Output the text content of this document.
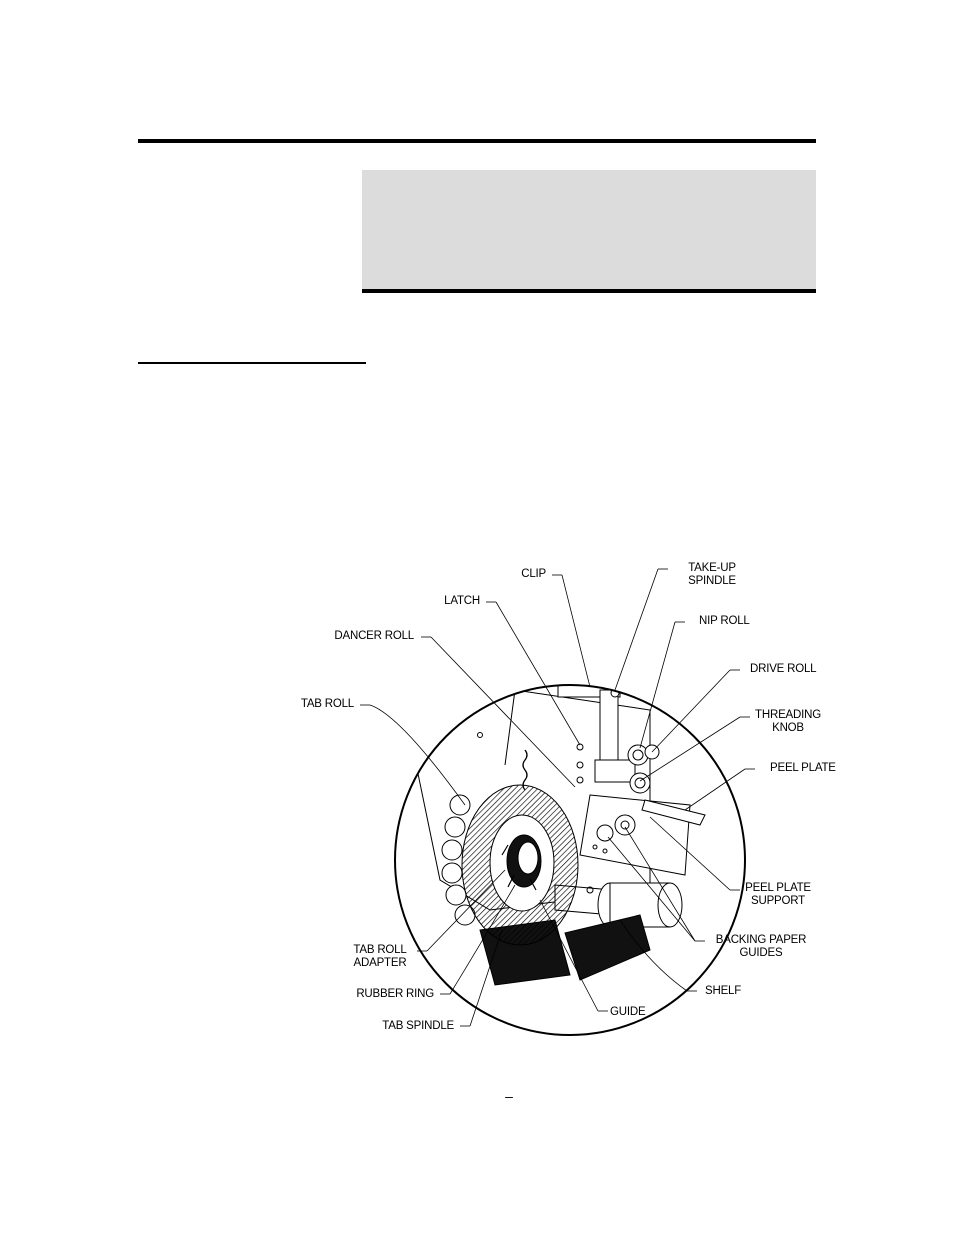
CLIP	TAKE-UP
SPINDLE
LATCH
NIP ROLL
DANCER ROLL
DRIVE ROLL
TAB ROLL
THREADING
KNOB
PEEL PLATE
PEEL PLATE
SUPPORT
BACKING PAPER
GUIDES
TAB ROLL
ADAPTER
SHELF
RUBBER RING
GUIDE
TAB SPINDLE
–
